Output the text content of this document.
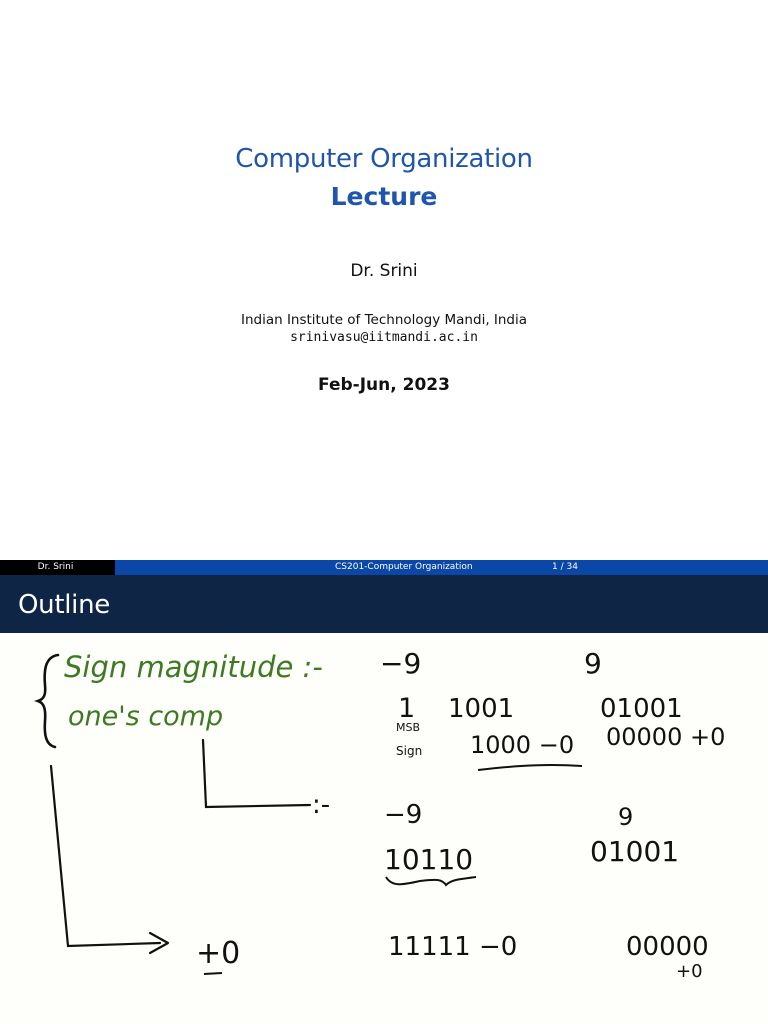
Computer Organization
Lecture
Dr. Srini
Indian Institute of Technology Mandi, India
srinivasu@iitmandi.ac.in
Feb-Jun, 2023
Dr. Srini	CS201-Computer Organization	1 / 34
Outline
Sign magnitude :-
one's comp
−9	9
1
MSB
Sign
1001	01001
1000 −0 00000 +0
:- −9	9
10110	01001
+0	11111 −0	00000
+0
